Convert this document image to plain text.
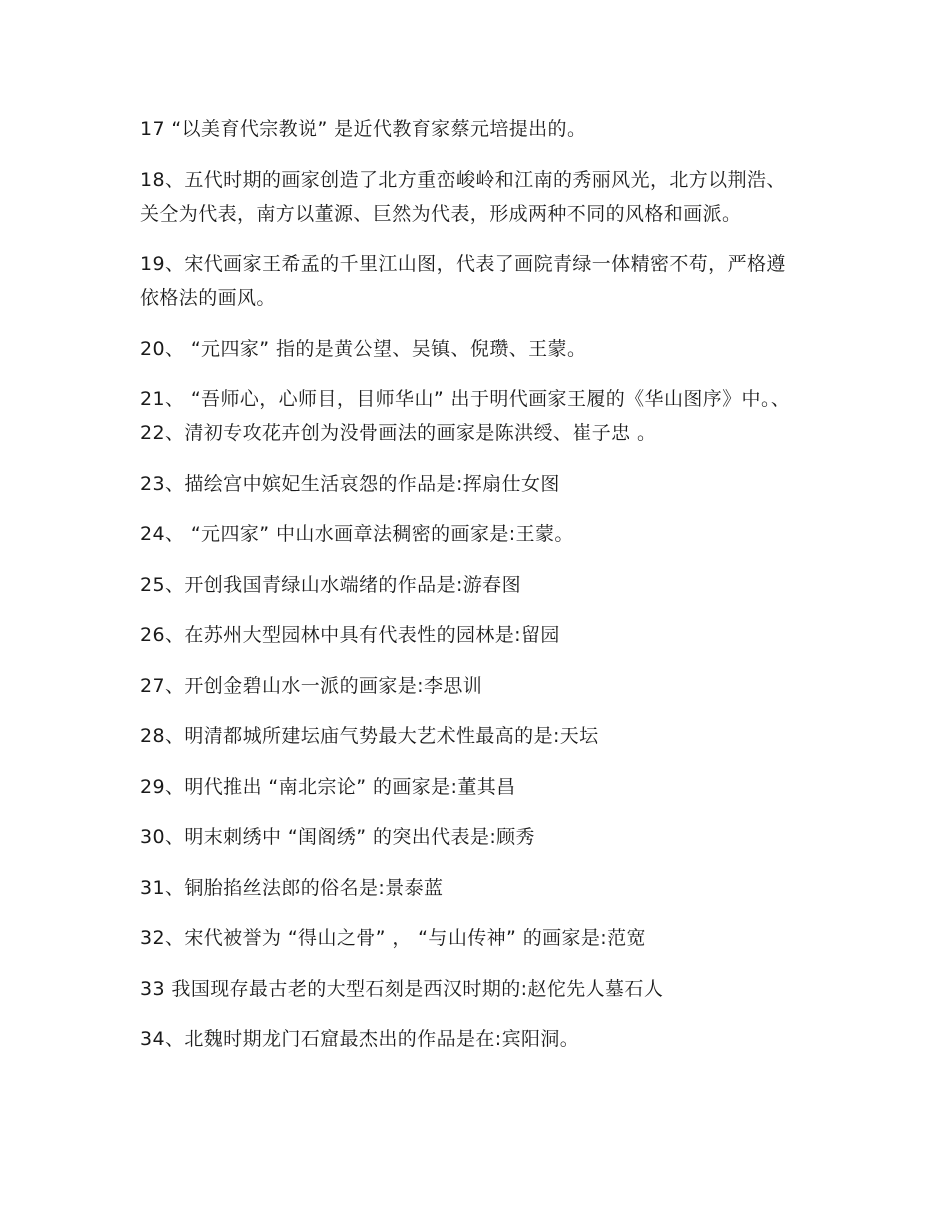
17 “以美育代宗教说” 是近代教育家蔡元培提出的。

18、五代时期的画家创造了北方重峦峻岭和江南的秀丽风光，北方以荆浩、关仝为代表，南方以董源、巨然为代表，形成两种不同的风格和画派。

19、宋代画家王希孟的千里江山图，代表了画院青绿一体精密不苟，严格遵依格法的画风。

20、 “元四家” 指的是黄公望、吴镇、倪瓒、王蒙。

21、 “吾师心，心师目，目师华山” 出于明代画家王履的《华山图序》中。、 22、清初专攻花卉创为没骨画法的画家是陈洪绶、崔子忠 。

23、描绘宫中嫔妃生活哀怨的作品是:挥扇仕女图

24、 “元四家” 中山水画章法稠密的画家是:王蒙。

25、开创我国青绿山水端绪的作品是:游春图

26、在苏州大型园林中具有代表性的园林是:留园

27、开创金碧山水一派的画家是:李思训

28、明清都城所建坛庙气势最大艺术性最高的是:天坛

29、明代推出 “南北宗论” 的画家是:董其昌

30、明末刺绣中 “闺阁绣” 的突出代表是:顾秀

31、铜胎掐丝法郎的俗名是:景泰蓝

32、宋代被誉为 “得山之骨” ， “与山传神” 的画家是:范宽

33 我国现存最古老的大型石刻是西汉时期的:赵佗先人墓石人

34、北魏时期龙门石窟最杰出的作品是在:宾阳洞。
